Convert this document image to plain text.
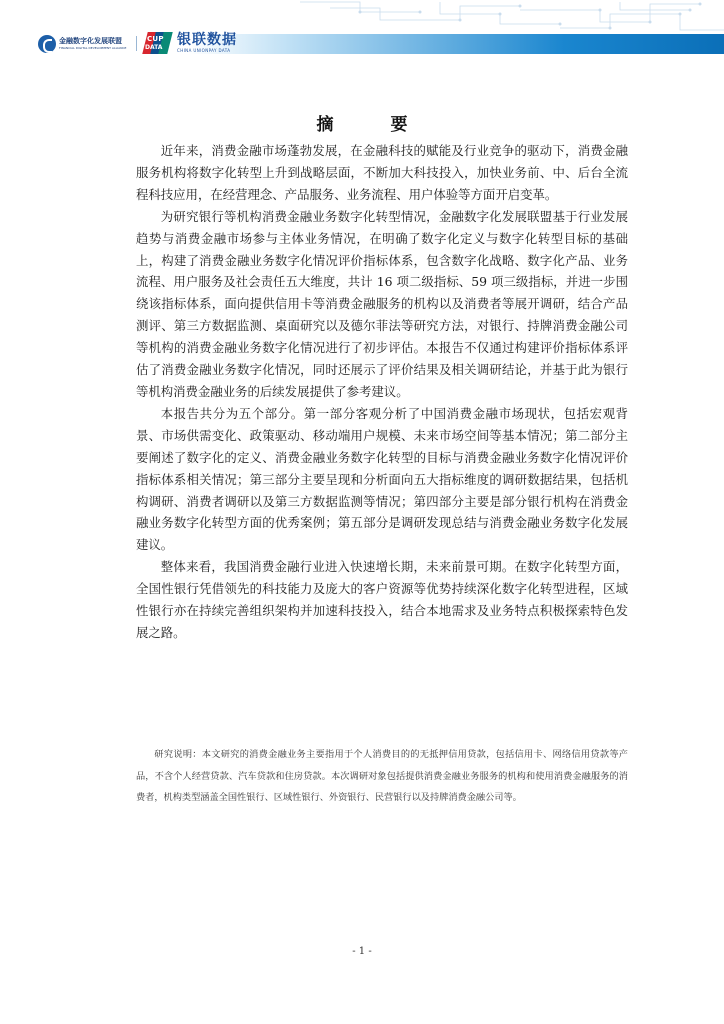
金融数字化发展联盟
FINANCIAL DIGITAL DEVELOPMENT ALLIANCE
CUP
DATA 银联数据
CHINA UNIONPAY DATA
摘　要

近年来，消费金融市场蓬勃发展，在金融科技的赋能及行业竞争的驱动下，消费金融服务机构将数字化转型上升到战略层面，不断加大科技投入，加快业务前、中、后台全流程科技应用，在经营理念、产品服务、业务流程、用户体验等方面开启变革。

为研究银行等机构消费金融业务数字化转型情况，金融数字化发展联盟基于行业发展趋势与消费金融市场参与主体业务情况，在明确了数字化定义与数字化转型目标的基础上，构建了消费金融业务数字化情况评价指标体系，包含数字化战略、数字化产品、业务流程、用户服务及社会责任五大维度，共计 16 项二级指标、59 项三级指标，并进一步围绕该指标体系，面向提供信用卡等消费金融服务的机构以及消费者等展开调研，结合产品测评、第三方数据监测、桌面研究以及德尔菲法等研究方法，对银行、持牌消费金融公司等机构的消费金融业务数字化情况进行了初步评估。本报告不仅通过构建评价指标体系评估了消费金融业务数字化情况，同时还展示了评价结果及相关调研结论，并基于此为银行等机构消费金融业务的后续发展提供了参考建议。

本报告共分为五个部分。第一部分客观分析了中国消费金融市场现状，包括宏观背景、市场供需变化、政策驱动、移动端用户规模、未来市场空间等基本情况；第二部分主要阐述了数字化的定义、消费金融业务数字化转型的目标与消费金融业务数字化情况评价指标体系相关情况；第三部分主要呈现和分析面向五大指标维度的调研数据结果，包括机构调研、消费者调研以及第三方数据监测等情况；第四部分主要是部分银行机构在消费金融业务数字化转型方面的优秀案例；第五部分是调研发现总结与消费金融业务数字化发展建议。

整体来看，我国消费金融行业进入快速增长期，未来前景可期。在数字化转型方面，全国性银行凭借领先的科技能力及庞大的客户资源等优势持续深化数字化转型进程，区域性银行亦在持续完善组织架构并加速科技投入，结合本地需求及业务特点积极探索特色发展之路。

研究说明：本文研究的消费金融业务主要指用于个人消费目的的无抵押信用贷款，包括信用卡、网络信用贷款等产品，不含个人经营贷款、汽车贷款和住房贷款。本次调研对象包括提供消费金融业务服务的机构和使用消费金融服务的消费者，机构类型涵盖全国性银行、区域性银行、外资银行、民营银行以及持牌消费金融公司等。

- 1 -
